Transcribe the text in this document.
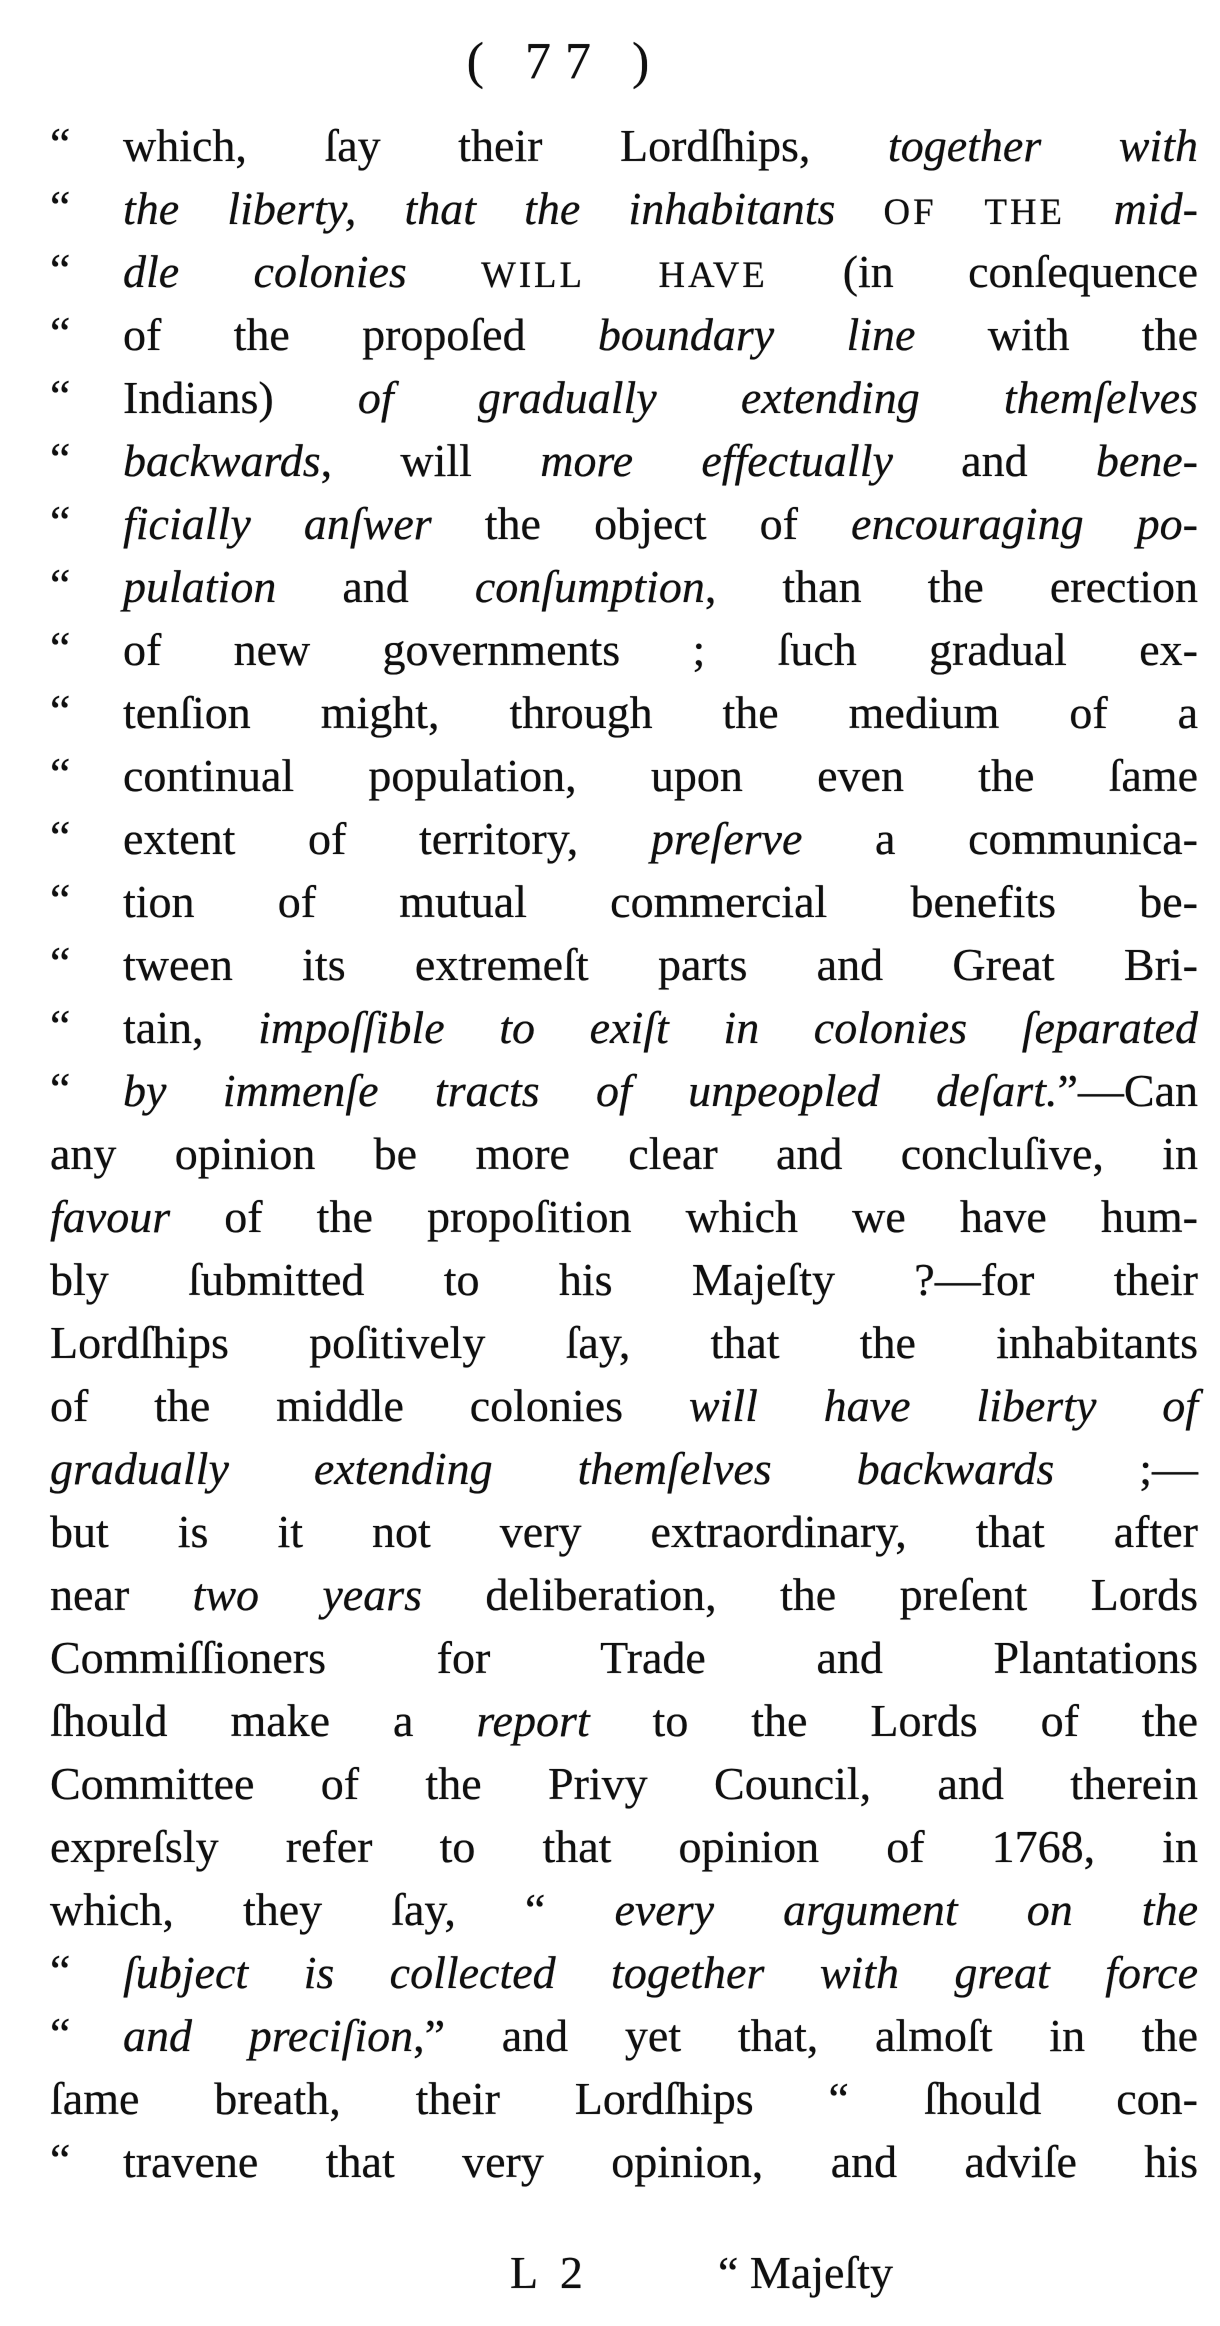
( 77 )
“ which, ſay their Lordſhips, together with
“ the liberty, that the inhabitants OF THE mid-
“ dle colonies WILL HAVE (in conſequence
“ of the propoſed boundary line with the
“ Indians) of gradually extending themſelves
“ backwards, will more effectually and bene-
“ ficially anſwer the object of encouraging po-
“ pulation and conſumption, than the erection
“ of new governments ; ſuch gradual ex-
“ tenſion might, through the medium of a
“ continual population, upon even the ſame
“ extent of territory, preſerve a communica-
“ tion of mutual commercial benefits be-
“ tween its extremeſt parts and Great Bri-
“ tain, impoſſible to exiſt in colonies ſeparated
“ by immenſe tracts of unpeopled deſart.”—Can
any opinion be more clear and concluſive, in
favour of the propoſition which we have hum-
bly ſubmitted to his Majeſty ?—for their
Lordſhips poſitively ſay, that the inhabitants
of the middle colonies will have liberty of
gradually extending themſelves backwards ;—
but is it not very extraordinary, that after
near two years deliberation, the preſent Lords
Commiſſioners for Trade and Plantations
ſhould make a report to the Lords of the
Committee of the Privy Council, and therein
expreſsly refer to that opinion of 1768, in
which, they ſay, “ every argument on the
“ ſubject is collected together with great force
“ and preciſion,” and yet that, almoſt in the
ſame breath, their Lordſhips “ ſhould con-
“ travene that very opinion, and adviſe his
L 2	“ Majeſty
